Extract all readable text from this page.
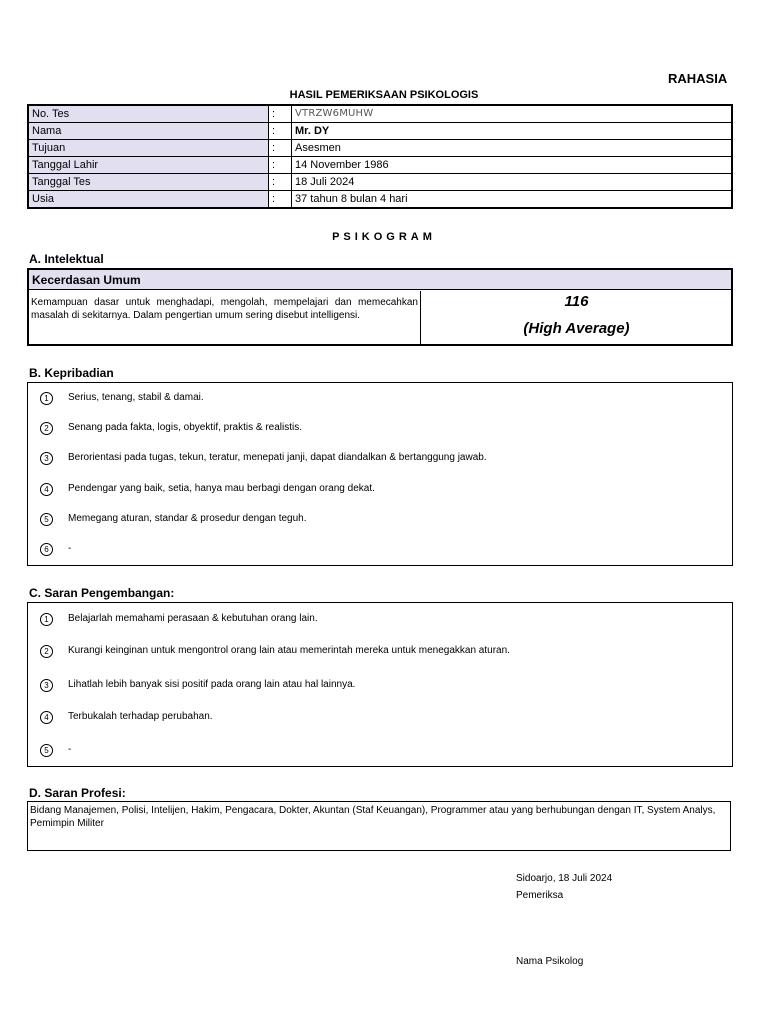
RAHASIA
HASIL PEMERIKSAAN PSIKOLOGIS
No. Tes	:	VTRZW6MUHW
Nama	:	Mr. DY
Tujuan	:	Asesmen
Tanggal Lahir	:	14 November 1986
Tanggal Tes	:	18 Juli 2024
Usia	:	37 tahun 8 bulan 4 hari
PSIKOGRAM
A. Intelektual
Kecerdasan Umum
Kemampuan dasar untuk menghadapi, mengolah, mempelajari dan memecahkan masalah di sekitarnya. Dalam pengertian umum sering disebut intelligensi.
116
(High Average)
B. Kepribadian
1 Serius, tenang, stabil & damai.
2 Senang pada fakta, logis, obyektif, praktis & realistis.
3 Berorientasi pada tugas, tekun, teratur, menepati janji, dapat diandalkan & bertanggung jawab.
4 Pendengar yang baik, setia, hanya mau berbagi dengan orang dekat.
5 Memegang aturan, standar & prosedur dengan teguh.
6 -
C. Saran Pengembangan:
1 Belajarlah memahami perasaan & kebutuhan orang lain.
2 Kurangi keinginan untuk mengontrol orang lain atau memerintah mereka untuk menegakkan aturan.
3 Lihatlah lebih banyak sisi positif pada orang lain atau hal lainnya.
4 Terbukalah terhadap perubahan.
5 -
D. Saran Profesi:
Bidang Manajemen, Polisi, Intelijen, Hakim, Pengacara, Dokter, Akuntan (Staf Keuangan), Programmer atau yang berhubungan dengan IT, System Analys, Pemimpin Militer
Sidoarjo, 18 Juli 2024
Pemeriksa
Nama Psikolog
